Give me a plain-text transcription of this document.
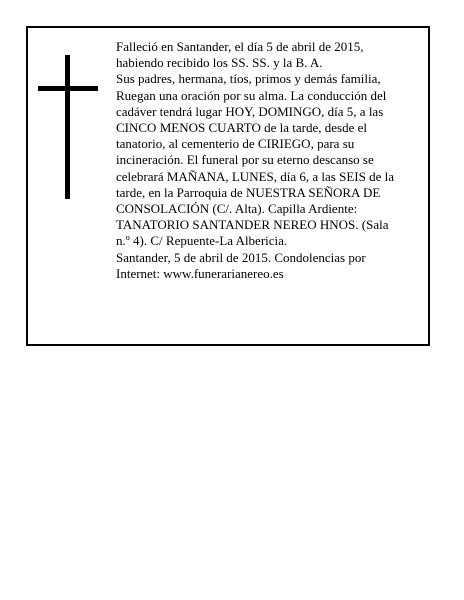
Falleció en Santander, el día 5 de abril de 2015,
habiendo recibido los SS. SS. y la B. A.
Sus padres, hermana, tíos, primos y demás familia,
Ruegan una oración por su alma. La conducción del
cadáver tendrá lugar HOY, DOMINGO, día 5, a las
CINCO MENOS CUARTO de la tarde, desde el
tanatorio, al cementerio de CIRIEGO, para su
incineración. El funeral por su eterno descanso se
celebrará MAÑANA, LUNES, día 6, a las SEIS de la
tarde, en la Parroquia de NUESTRA SEÑORA DE
CONSOLACIÓN (C/. Alta). Capilla Ardiente:
TANATORIO SANTANDER NEREO HNOS. (Sala
n.º 4). C/ Repuente-La Albericia.
Santander, 5 de abril de 2015. Condolencias por
Internet: www.funerarianereo.es
